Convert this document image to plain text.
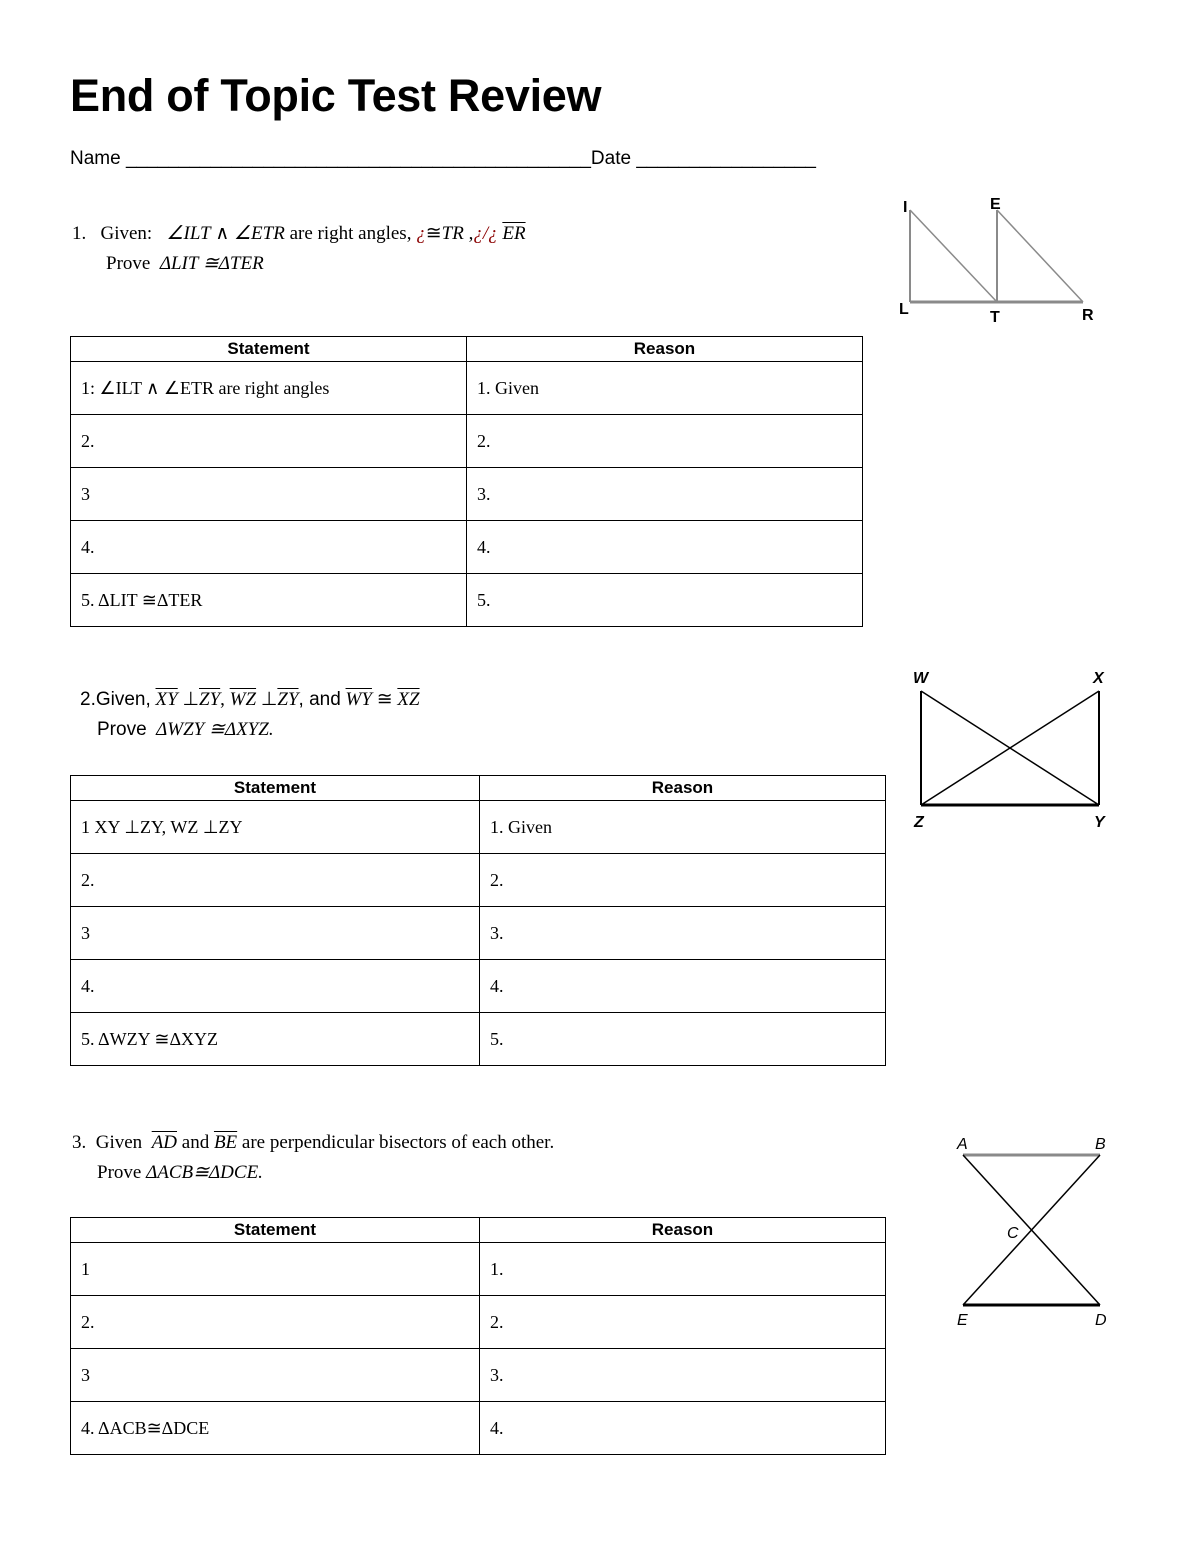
End of Topic Test Review
Name ____________________________________________Date _________________
1. Given: ∠ILT ∧ ∠ETR are right angles, ¿≅TR ,¿/¿ $\overline{ER}$
Prove ΔLIT ≅ΔTER
I	E
L	T	R
Statement	Reason
1: ∠ILT ∧ ∠ETR are right angles	1. Given
2.	2.
3	3.
4.	4.
5. ΔLIT ≅ΔTER	5.
2.Given, $\overline{XY}$ $\perp\overline{ZY}$, $\overline{WZ}$ $\perp\overline{ZY}$, and $\overline{WY}$ ≅ $\overline{XZ}$
Prove ΔWZY ≅ΔXYZ.
W	X
Z	Y
Statement	Reason
1 XY ⊥ZY, WZ ⊥ZY	1. Given
2.	2.
3	3.
4.	4.
5. ΔWZY ≅ΔXYZ	5.
3. Given $\overline{AD}$ and $\overline{BE}$ are perpendicular bisectors of each other.
Prove ΔACB≅ΔDCE.
A	B
C
E	D
Statement	Reason
1	1.
2.	2.
3	3.
4. ΔACB≅ΔDCE	4.
